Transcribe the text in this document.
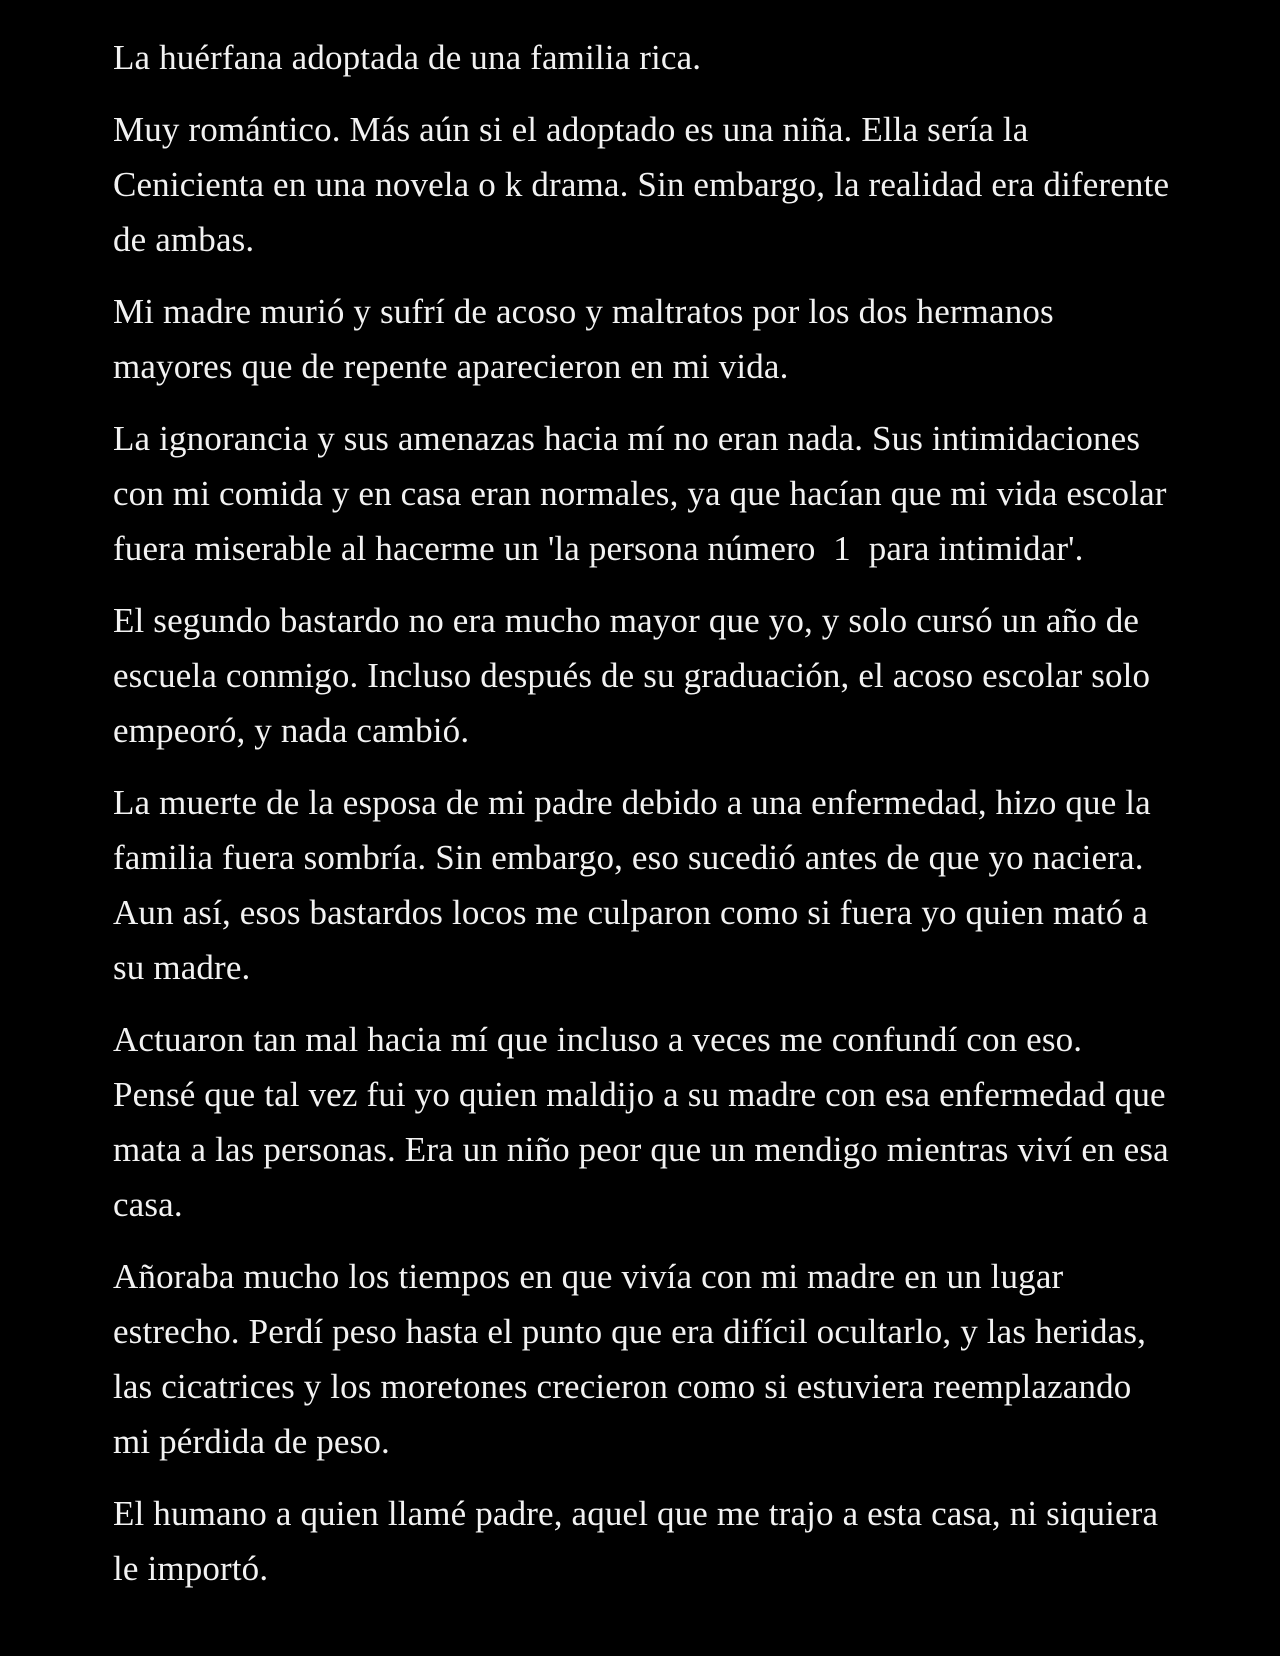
La huérfana adoptada de una familia rica.

Muy romántico. Más aún si el adoptado es una niña. Ella sería la Cenicienta en una novela o k drama. Sin embargo, la realidad era diferente de ambas.

Mi madre murió y sufrí de acoso y maltratos por los dos hermanos mayores que de repente aparecieron en mi vida.

La ignorancia y sus amenazas hacia mí no eran nada. Sus intimidaciones con mi comida y en casa eran normales, ya que hacían que mi vida escolar fuera miserable al hacerme un 'la persona número  1  para intimidar'.

El segundo bastardo no era mucho mayor que yo, y solo cursó un año de escuela conmigo. Incluso después de su graduación, el acoso escolar solo empeoró, y nada cambió.

La muerte de la esposa de mi padre debido a una enfermedad, hizo que la familia fuera sombría. Sin embargo, eso sucedió antes de que yo naciera. Aun así, esos bastardos locos me culparon como si fuera yo quien mató a su madre.

Actuaron tan mal hacia mí que incluso a veces me confundí con eso. Pensé que tal vez fui yo quien maldijo a su madre con esa enfermedad que mata a las personas. Era un niño peor que un mendigo mientras viví en esa casa.

Añoraba mucho los tiempos en que vivía con mi madre en un lugar estrecho. Perdí peso hasta el punto que era difícil ocultarlo, y las heridas, las cicatrices y los moretones crecieron como si estuviera reemplazando mi pérdida de peso.

El humano a quien llamé padre, aquel que me trajo a esta casa, ni siquiera le importó.
